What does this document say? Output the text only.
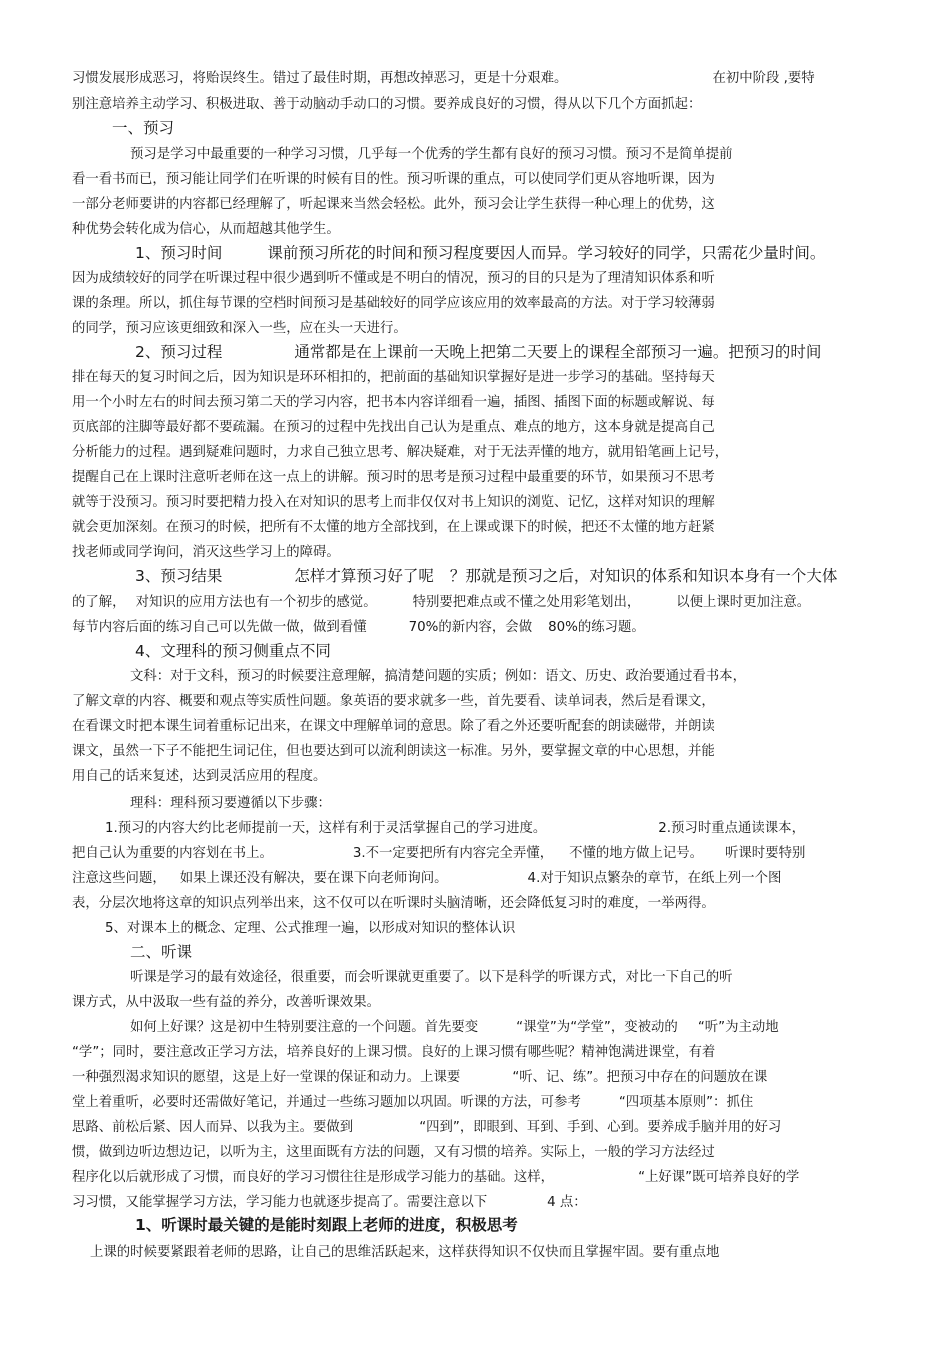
习惯发展形成恶习，将贻误终生。错过了最佳时期，再想改掉恶习，更是十分艰难。	在初中阶段 ,要特
别注意培养主动学习、积极进取、善于动脑动手动口的习惯。要养成良好的习惯，得从以下几个方面抓起：
一、预习
预习是学习中最重要的一种学习习惯，几乎每一个优秀的学生都有良好的预习习惯。预习不是简单提前
看一看书而已，预习能让同学们在听课的时候有目的性。预习听课的重点，可以使同学们更从容地听课，因为
一部分老师要讲的内容都已经理解了，听起课来当然会轻松。此外，预习会让学生获得一种心理上的优势，这
种优势会转化成为信心，从而超越其他学生。
1、预习时间	课前预习所花的时间和预习程度要因人而异。学习较好的同学，只需花少量时间。
因为成绩较好的同学在听课过程中很少遇到听不懂或是不明白的情况，预习的目的只是为了理清知识体系和听
课的条理。所以，抓住每节课的空档时间预习是基础较好的同学应该应用的效率最高的方法。对于学习较薄弱
的同学，预习应该更细致和深入一些，应在头一天进行。
2、预习过程	通常都是在上课前一天晚上把第二天要上的课程全部预习一遍。把预习的时间
排在每天的复习时间之后，因为知识是环环相扣的，把前面的基础知识掌握好是进一步学习的基础。坚持每天
用一个小时左右的时间去预习第二天的学习内容，把书本内容详细看一遍，插图、插图下面的标题或解说、每
页底部的注脚等最好都不要疏漏。在预习的过程中先找出自己认为是重点、难点的地方，这本身就是提高自己
分析能力的过程。遇到疑难问题时，力求自己独立思考、解决疑难，对于无法弄懂的地方，就用铅笔画上记号，
提醒自己在上课时注意听老师在这一点上的讲解。预习时的思考是预习过程中最重要的环节，如果预习不思考
就等于没预习。预习时要把精力投入在对知识的思考上而非仅仅对书上知识的浏览、记忆，这样对知识的理解
就会更加深刻。在预习的时候，把所有不太懂的地方全部找到，在上课或课下的时候，把还不太懂的地方赶紧
找老师或同学询问，消灭这些学习上的障碍。
3、预习结果	怎样才算预习好了呢 ？那就是预习之后，对知识的体系和知识本身有一个大体
的了解， 对知识的应用方法也有一个初步的感觉。	特别要把难点或不懂之处用彩笔划出，	以便上课时更加注意。
每节内容后面的练习自己可以先做一做，做到看懂	70%的新内容，会做 80%的练习题。
4、文理科的预习侧重点不同
文科：对于文科，预习的时候要注意理解，搞清楚问题的实质；例如：语文、历史、政治要通过看书本，
了解文章的内容、概要和观点等实质性问题。象英语的要求就多一些，首先要看、读单词表，然后是看课文，
在看课文时把本课生词着重标记出来，在课文中理解单词的意思。除了看之外还要听配套的朗读磁带，并朗读
课文，虽然一下子不能把生词记住，但也要达到可以流利朗读这一标准。另外，要掌握文章的中心思想，并能
用自己的话来复述，达到灵活应用的程度。
理科：理科预习要遵循以下步骤：
1.预习的内容大约比老师提前一天，这样有利于灵活掌握自己的学习进度。	2.预习时重点通读课本，
把自己认为重要的内容划在书上。	3.不一定要把所有内容完全弄懂， 不懂的地方做上记号。 听课时要特别
注意这些问题， 如果上课还没有解决，要在课下向老师询问。	4.对于知识点繁杂的章节，在纸上列一个图
表，分层次地将这章的知识点列举出来，这不仅可以在听课时头脑清晰，还会降低复习时的难度，一举两得。
5、对课本上的概念、定理、公式推理一遍，以形成对知识的整体认识
二、听课
听课是学习的最有效途径，很重要，而会听课就更重要了。以下是科学的听课方式，对比一下自己的听
课方式，从中汲取一些有益的养分，改善听课效果。
如何上好课？这是初中生特别要注意的一个问题。首先要变	“课堂”为“学堂”，变被动的 “听”为主动地
“学”；同时，要注意改正学习方法，培养良好的上课习惯。良好的上课习惯有哪些呢？精神饱满进课堂，有着
一种强烈渴求知识的愿望，这是上好一堂课的保证和动力。上课要	“听、记、练”。把预习中存在的问题放在课
堂上着重听，必要时还需做好笔记，并通过一些练习题加以巩固。听课的方法，可参考	“四项基本原则”：抓住
思路、前松后紧、因人而异、以我为主。要做到	“四到”，即眼到、耳到、手到、心到。要养成手脑并用的好习
惯，做到边听边想边记，以听为主，这里面既有方法的问题，又有习惯的培养。实际上，一般的学习方法经过
程序化以后就形成了习惯，而良好的学习习惯往往是形成学习能力的基础。这样，	“上好课”既可培养良好的学
习习惯，又能掌握学习方法，学习能力也就逐步提高了。需要注意以下	4 点：
1、听课时最关键的是能时刻跟上老师的进度，积极思考
上课的时候要紧跟着老师的思路，让自己的思维活跃起来，这样获得知识不仅快而且掌握牢固。要有重点地
